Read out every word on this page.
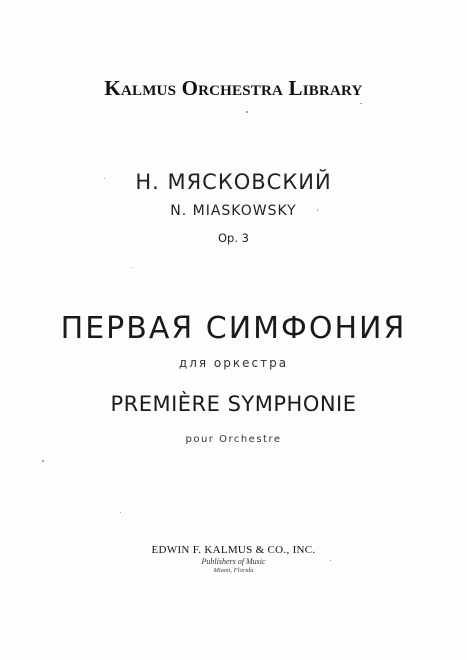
Kalmus Orchestra Library
Н. МЯСКОВСКИЙ
N. MIASKOWSKY
Op. 3
ПЕРВАЯ СИМФОНИЯ
для оркестра
PREMIÈRE SYMPHONIE
pour Orchestre
EDWIN F. KALMUS & CO., INC.
Publishers of Music
Miami, Florida
